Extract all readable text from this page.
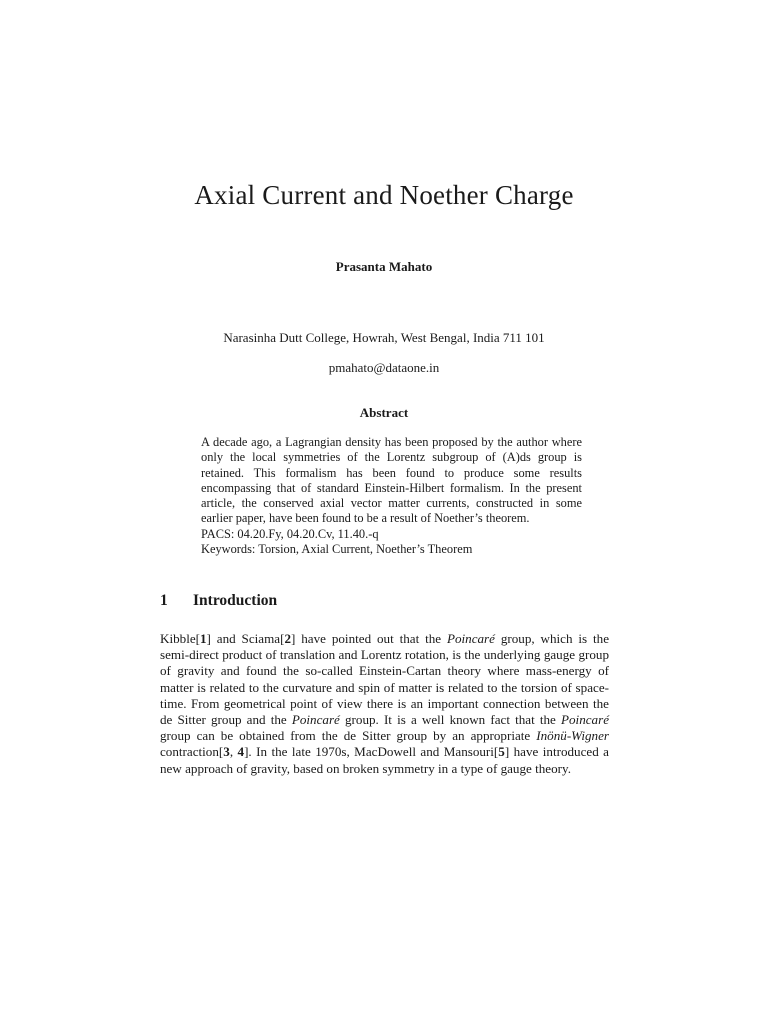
Axial Current and Noether Charge
Prasanta Mahato
Narasinha Dutt College, Howrah, West Bengal, India 711 101
pmahato@dataone.in
Abstract

A decade ago, a Lagrangian density has been proposed by the author where only the local symmetries of the Lorentz subgroup of (A)ds group is retained. This formalism has been found to produce some results encompassing that of standard Einstein-Hilbert formalism. In the present article, the conserved axial vector matter currents, constructed in some earlier paper, have been found to be a result of Noether’s theorem.

PACS: 04.20.Fy, 04.20.Cv, 11.40.-q
Keywords: Torsion, Axial Current, Noether’s Theorem
1 Introduction
Kibble[1] and Sciama[2] have pointed out that the Poincaré group, which is the semi-direct product of translation and Lorentz rotation, is the underlying gauge group of gravity and found the so-called Einstein-Cartan theory where mass-energy of matter is related to the curvature and spin of matter is related to the torsion of space-time. From geometrical point of view there is an important connection between the de Sitter group and the Poincaré group. It is a well known fact that the Poincaré group can be obtained from the de Sitter group by an appropriate Inönü-Wigner contraction[3, 4]. In the late 1970s, MacDowell and Mansouri[5] have introduced a new approach of gravity, based on broken symmetry in a type of gauge theory.
